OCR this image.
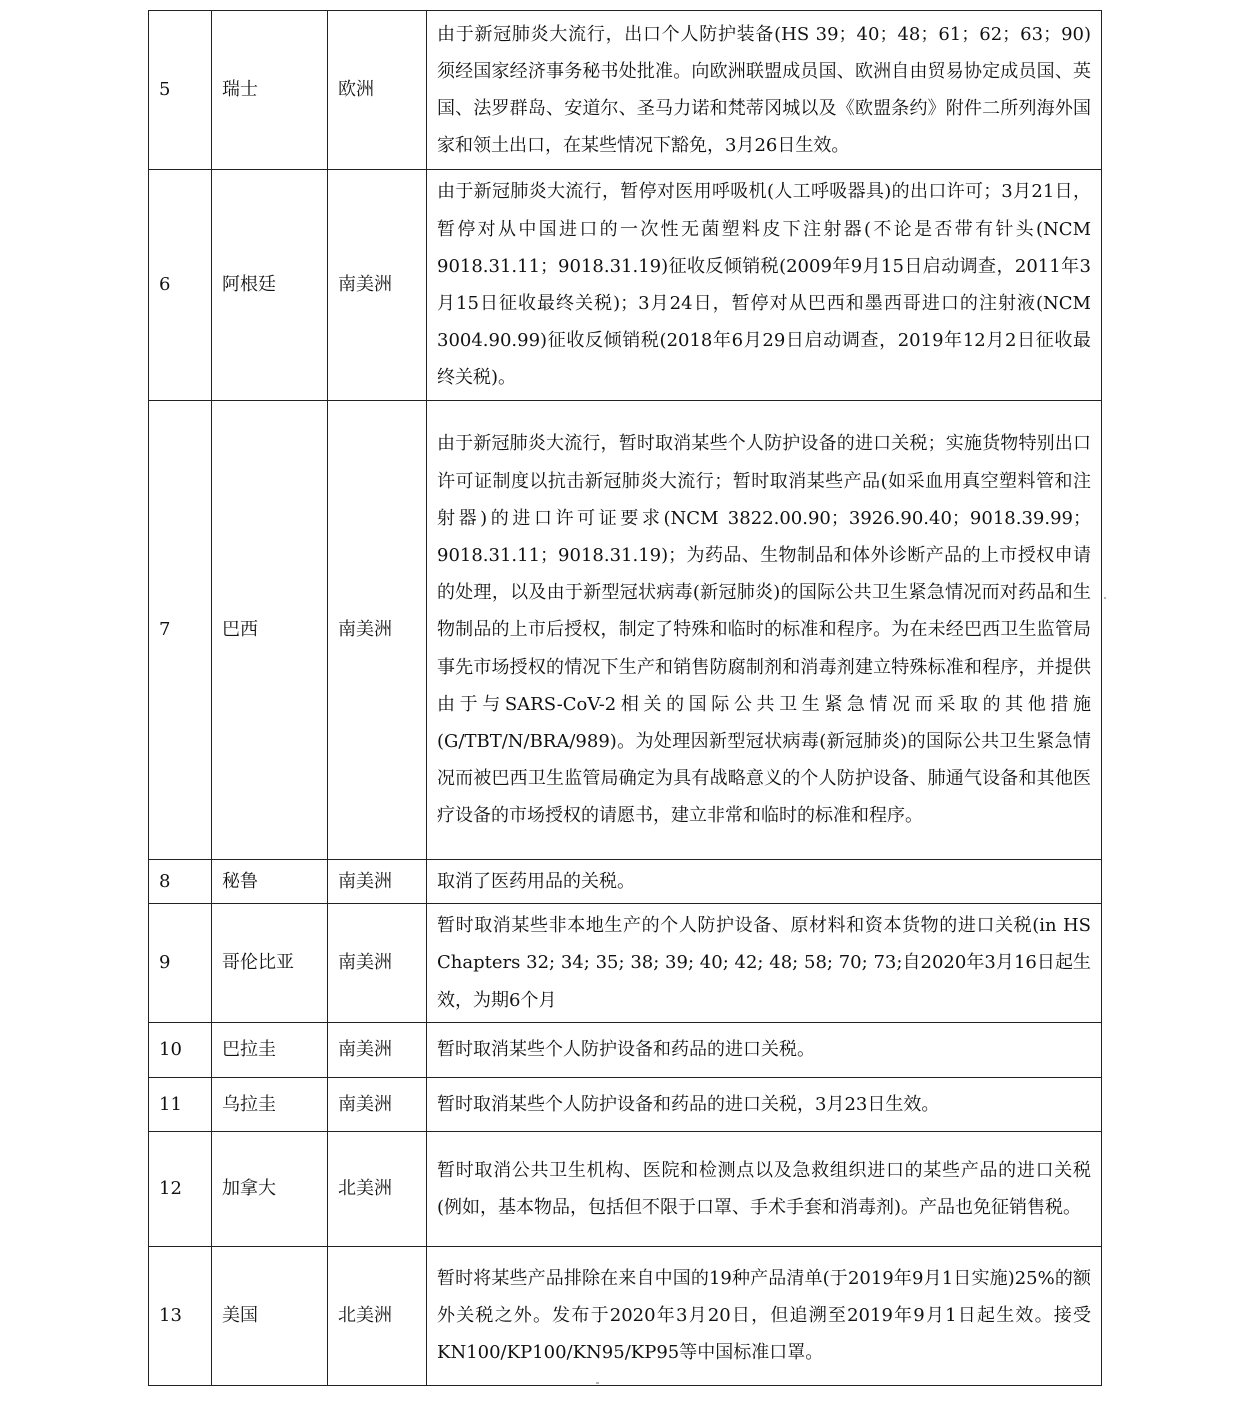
5	瑞士	欧洲	由于新冠肺炎大流行，出口个人防护装备(HS 39；40；48；61；62；63；90)须经国家经济事务秘书处批准。向欧洲联盟成员国、欧洲自由贸易协定成员国、英国、法罗群岛、安道尔、圣马力诺和梵蒂冈城以及《欧盟条约》附件二所列海外国家和领土出口，在某些情况下豁免，3月26日生效。
6	阿根廷	南美洲	由于新冠肺炎大流行，暂停对医用呼吸机(人工呼吸器具)的出口许可；3月21日，暂停对从中国进口的一次性无菌塑料皮下注射器(不论是否带有针头(NCM 9018.31.11；9018.31.19)征收反倾销税(2009年9月15日启动调查，2011年3月15日征收最终关税)；3月24日，暂停对从巴西和墨西哥进口的注射液(NCM 3004.90.99)征收反倾销税(2018年6月29日启动调查，2019年12月2日征收最终关税)。
7	巴西	南美洲	由于新冠肺炎大流行，暂时取消某些个人防护设备的进口关税；实施货物特别出口许可证制度以抗击新冠肺炎大流行；暂时取消某些产品(如采血用真空塑料管和注射器)的进口许可证要求(NCM 3822.00.90；3926.90.40；9018.39.99；9018.31.11；9018.31.19)；为药品、生物制品和体外诊断产品的上市授权申请的处理，以及由于新型冠状病毒(新冠肺炎)的国际公共卫生紧急情况而对药品和生物制品的上市后授权，制定了特殊和临时的标准和程序。为在未经巴西卫生监管局事先市场授权的情况下生产和销售防腐制剂和消毒剂建立特殊标准和程序，并提供由于与SARS-CoV-2相关的国际公共卫生紧急情况而采取的其他措施(G/TBT/N/BRA/989)。为处理因新型冠状病毒(新冠肺炎)的国际公共卫生紧急情况而被巴西卫生监管局确定为具有战略意义的个人防护设备、肺通气设备和其他医疗设备的市场授权的请愿书，建立非常和临时的标准和程序。
8	秘鲁	南美洲	取消了医药用品的关税。
9	哥伦比亚	南美洲	暂时取消某些非本地生产的个人防护设备、原材料和资本货物的进口关税(in HS Chapters 32; 34; 35; 38; 39; 40; 42; 48; 58; 70; 73;自2020年3月16日起生效，为期6个月
10	巴拉圭	南美洲	暂时取消某些个人防护设备和药品的进口关税。
11	乌拉圭	南美洲	暂时取消某些个人防护设备和药品的进口关税，3月23日生效。
12	加拿大	北美洲	暂时取消公共卫生机构、医院和检测点以及急救组织进口的某些产品的进口关税(例如，基本物品，包括但不限于口罩、手术手套和消毒剂)。产品也免征销售税。
13	美国	北美洲	暂时将某些产品排除在来自中国的19种产品清单(于2019年9月1日实施)25%的额外关税之外。发布于2020年3月20日，但追溯至2019年9月1日起生效。接受KN100/KP100/KN95/KP95等中国标准口罩。
